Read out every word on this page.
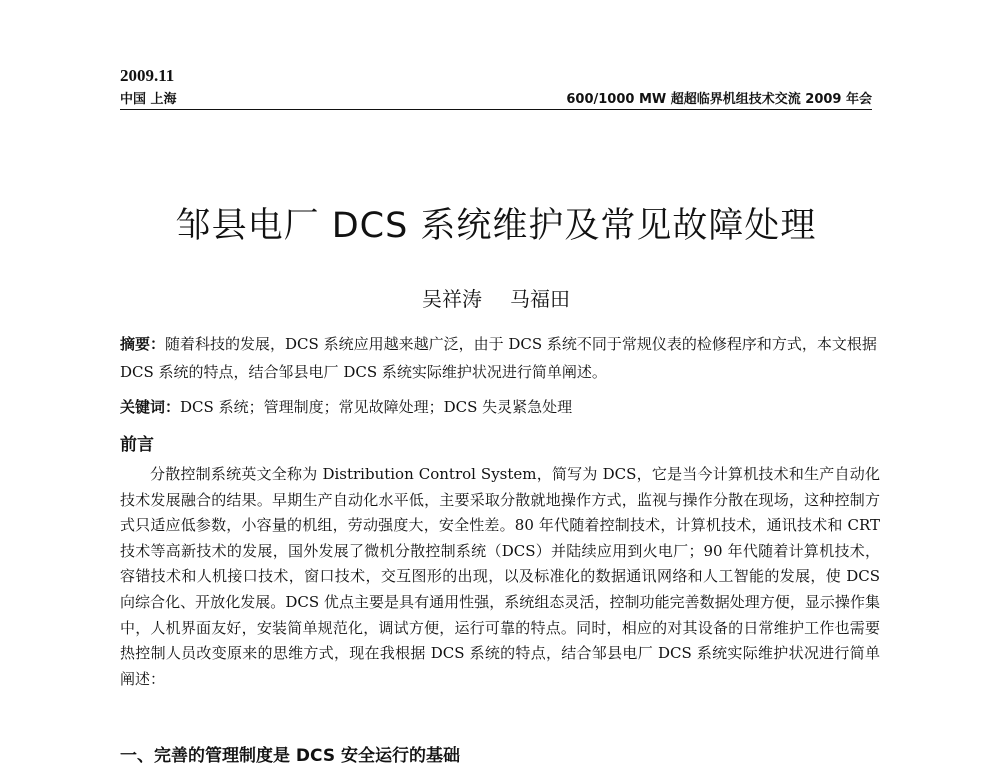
2009.11
中国 上海	600/1000 MW 超超临界机组技术交流 2009 年会
邹县电厂 DCS 系统维护及常见故障处理
吴祥涛 马福田
摘要：随着科技的发展，DCS 系统应用越来越广泛，由于 DCS 系统不同于常规仪表的检修程序和方式，本文根据 DCS 系统的特点，结合邹县电厂 DCS 系统实际维护状况进行简单阐述。
关键词：DCS 系统；管理制度；常见故障处理；DCS 失灵紧急处理
前言
分散控制系统英文全称为 Distribution Control System，简写为 DCS，它是当今计算机技术和生产自动化技术发展融合的结果。早期生产自动化水平低，主要采取分散就地操作方式，监视与操作分散在现场，这种控制方式只适应低参数，小容量的机组，劳动强度大，安全性差。80 年代随着控制技术，计算机技术，通讯技术和 CRT 技术等高新技术的发展，国外发展了微机分散控制系统（DCS）并陆续应用到火电厂；90 年代随着计算机技术，容错技术和人机接口技术，窗口技术，交互图形的出现，以及标准化的数据通讯网络和人工智能的发展，使 DCS 向综合化、开放化发展。DCS 优点主要是具有通用性强，系统组态灵活，控制功能完善数据处理方便，显示操作集中，人机界面友好，安装简单规范化，调试方便，运行可靠的特点。同时，相应的对其设备的日常维护工作也需要热控制人员改变原来的思维方式，现在我根据 DCS 系统的特点，结合邹县电厂 DCS 系统实际维护状况进行简单阐述：
一、完善的管理制度是 DCS 安全运行的基础
